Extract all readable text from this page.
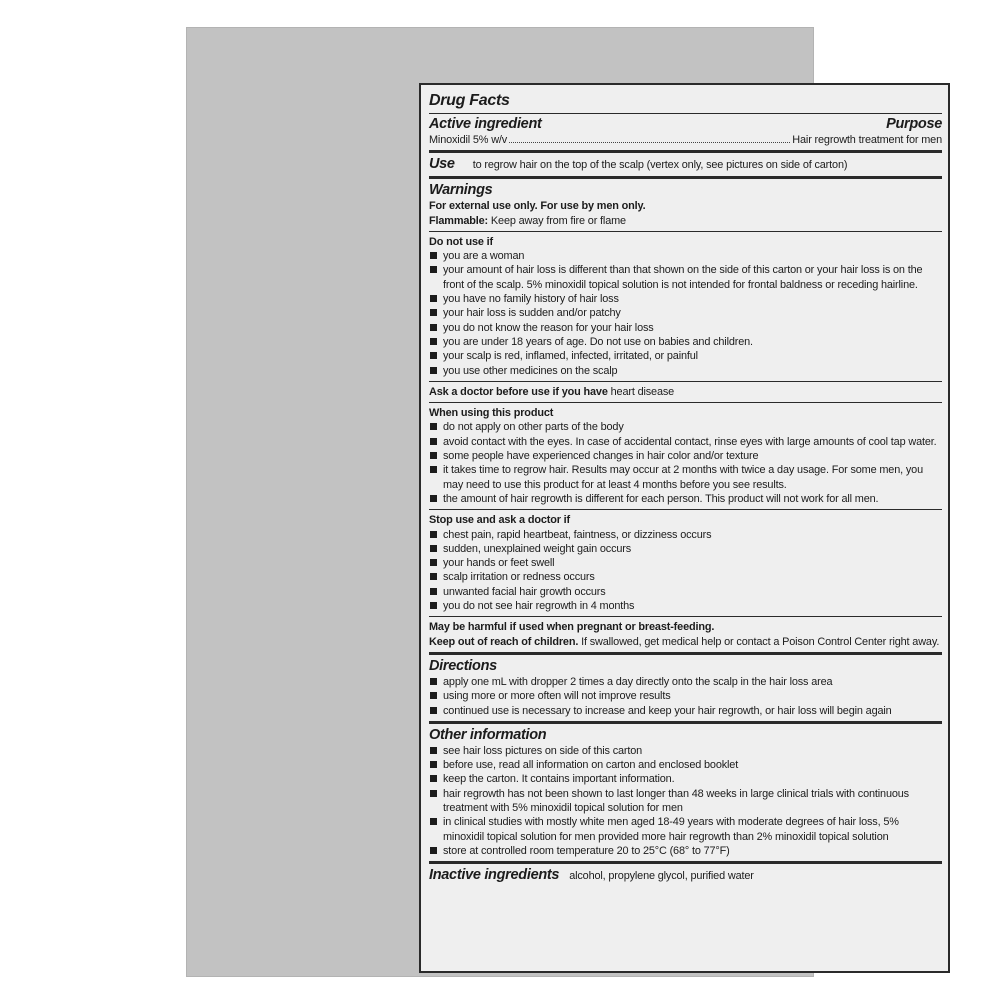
Drug Facts
Active ingredient	Purpose
Minoxidil 5% w/v	Hair regrowth treatment for men
Use to regrow hair on the top of the scalp (vertex only, see pictures on side of carton)
Warnings
For external use only. For use by men only.
Flammable: Keep away from fire or flame
Do not use if
you are a woman
your amount of hair loss is different than that shown on the side of this carton or your hair loss is on the front of the scalp. 5% minoxidil topical solution is not intended for frontal baldness or receding hairline.
you have no family history of hair loss
your hair loss is sudden and/or patchy
you do not know the reason for your hair loss
you are under 18 years of age. Do not use on babies and children.
your scalp is red, inflamed, infected, irritated, or painful
you use other medicines on the scalp
Ask a doctor before use if you have heart disease
When using this product
do not apply on other parts of the body
avoid contact with the eyes. In case of accidental contact, rinse eyes with large amounts of cool tap water.
some people have experienced changes in hair color and/or texture
it takes time to regrow hair. Results may occur at 2 months with twice a day usage. For some men, you may need to use this product for at least 4 months before you see results.
the amount of hair regrowth is different for each person. This product will not work for all men.
Stop use and ask a doctor if
chest pain, rapid heartbeat, faintness, or dizziness occurs
sudden, unexplained weight gain occurs
your hands or feet swell
scalp irritation or redness occurs
unwanted facial hair growth occurs
you do not see hair regrowth in 4 months
May be harmful if used when pregnant or breast-feeding.
Keep out of reach of children. If swallowed, get medical help or contact a Poison Control Center right away.
Directions
apply one mL with dropper 2 times a day directly onto the scalp in the hair loss area
using more or more often will not improve results
continued use is necessary to increase and keep your hair regrowth, or hair loss will begin again
Other information
see hair loss pictures on side of this carton
before use, read all information on carton and enclosed booklet
keep the carton. It contains important information.
hair regrowth has not been shown to last longer than 48 weeks in large clinical trials with continuous treatment with 5% minoxidil topical solution for men
in clinical studies with mostly white men aged 18-49 years with moderate degrees of hair loss, 5% minoxidil topical solution for men provided more hair regrowth than 2% minoxidil topical solution
store at controlled room temperature 20 to 25°C (68° to 77°F)
Inactive ingredients alcohol, propylene glycol, purified water
